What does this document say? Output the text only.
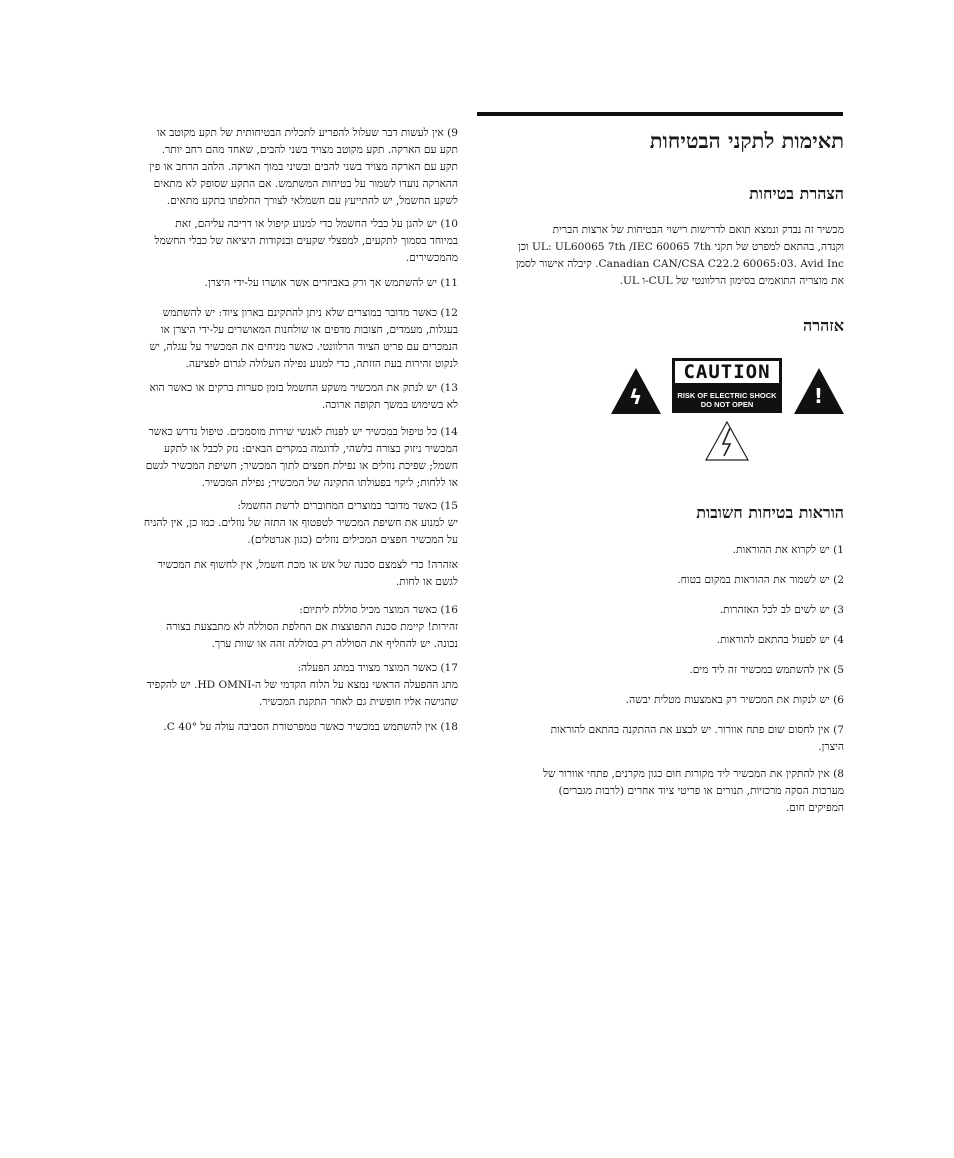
תאימות לתקני הבטיחות
הצהרת בטיחות
מכשיר זה נבדק ונמצא תואם לדרישות רישוי הבטיחות של ארצות הברית
וקנדה, בהתאם למפרט של תקני UL: UL60065 7th /IEC 60065 7th וכן
Canadian CAN/CSA C22.2 60065:03. Avid Inc. קיבלה אישור לסמן
את מוצריה התואמים בסימון הרלוונטי של CUL-ו UL.
אזהרה
ϟ
CAUTION
RISK OF ELECTRIC SHOCK
DO NOT OPEN	!
הוראות בטיחות חשובות
1) יש לקרוא את ההוראות.
2) יש לשמור את ההוראות במקום בטוח.
3) יש לשים לב לכל האזהרות.
4) יש לפעול בהתאם להוראות.
5) אין להשתמש במכשיר זה ליד מים.
6) יש לנקות את המכשיר רק באמצעות מטלית יבשה.
7) אין לחסום שום פתח אוורור. יש לבצע את ההתקנה בהתאם להוראות
היצרן.
8) אין להתקין את המכשיר ליד מקורות חום כגון מקרנים, פתחי אוורור של
מערכות הסקה מרכזיות, תנורים או פריטי ציוד אחרים (לרבות מגברים)
המפיקים חום.
9) אין לעשות דבר שעלול להפריע לתכלית הבטיחותית של תקע מקוטב או
תקע עם הארקה. תקע מקוטב מצויד בשני להבים, שאחד מהם רחב יותר.
תקע עם הארקה מצויד בשני להבים ובשיני במוך הארקה. הלהב הרחב או פין
ההארקה נועדו לשמור על בטיחות המשתמש. אם התקע שסופק לא מתאים
לשקע החשמל, יש להתייעץ עם חשמלאי לצורך החלפתו בתקע מתאים.
10) יש להגן על כבלי החשמל כדי למנוע קיפול או דריכה עליהם, זאת
במיוחד בסמוך לתקעים, למפצלי שקעים ובנקודות היציאה של כבלי החשמל
מהמכשירים.
11) יש להשתמש אך ורק באביזרים אשר אושרו על-ידי היצרן.
12) כאשר מדובר במוצרים שלא ניתן להתקינם בארון ציוד: יש להשתמש
בעגלות, מעמדים, חצובות מדפים או שולחנות המאושרים על-ידי היצרן או
הנמכרים עם פריט הציוד הרלוונטי. כאשר מניחים את המכשיר על עגלה, יש
לנקוט זהירות בעת הזזתה, כדי למנוע נפילה העלולה לגרום לפציעה.
13) יש לנתק את המכשיר משקע החשמל בזמן סערות ברקים או כאשר הוא
לא בשימוש במשך תקופה ארוכה.
14) כל טיפול במכשיר יש לפנות לאנשי שירות מוסמכים. טיפול נדרש כאשר
המכשיר ניזוק בצורה כלשהי, לדוגמה במקרים הבאים: נזק לכבל או לתקע
חשמל; שפיכת נוזלים או נפילת חפצים לתוך המכשיר; חשיפת המכשיר לגשם
או ללחות; ליקוי בפעולתו התקינה של המכשיר; נפילת המכשיר.
15) כאשר מדובר במוצרים המחוברים לרשת החשמל:
יש למנוע את חשיפת המכשיר לטפטוף או התזה של נוזלים. כמו כן, אין להניח
על המכשיר חפצים המכילים נוזלים (כגון אגרטלים).
אזהרה! כדי לצמצם סכנה של אש או מכת חשמל, אין לחשוף את המכשיר
לגשם או לחות.
16) כאשר המוצר מכיל סוללת ליתיום:
זהירות! קיימת סכנת התפוצצות אם החלפת הסוללה לא מתבצעת בצורה
נכונה. יש להחליף את הסוללה רק בסוללה זהה או שוות ערך.
17) כאשר המוצר מצויד במתג הפעלה:
מתג ההפעלה הראשי נמצא על הלוח הקדמי של ה-HD OMNI. יש להקפיד
שהגישה אליו חופשית גם לאחר התקנת המכשיר.
18) אין להשתמש במכשיר כאשר טמפרטורת הסביבה עולה על 40° C.
